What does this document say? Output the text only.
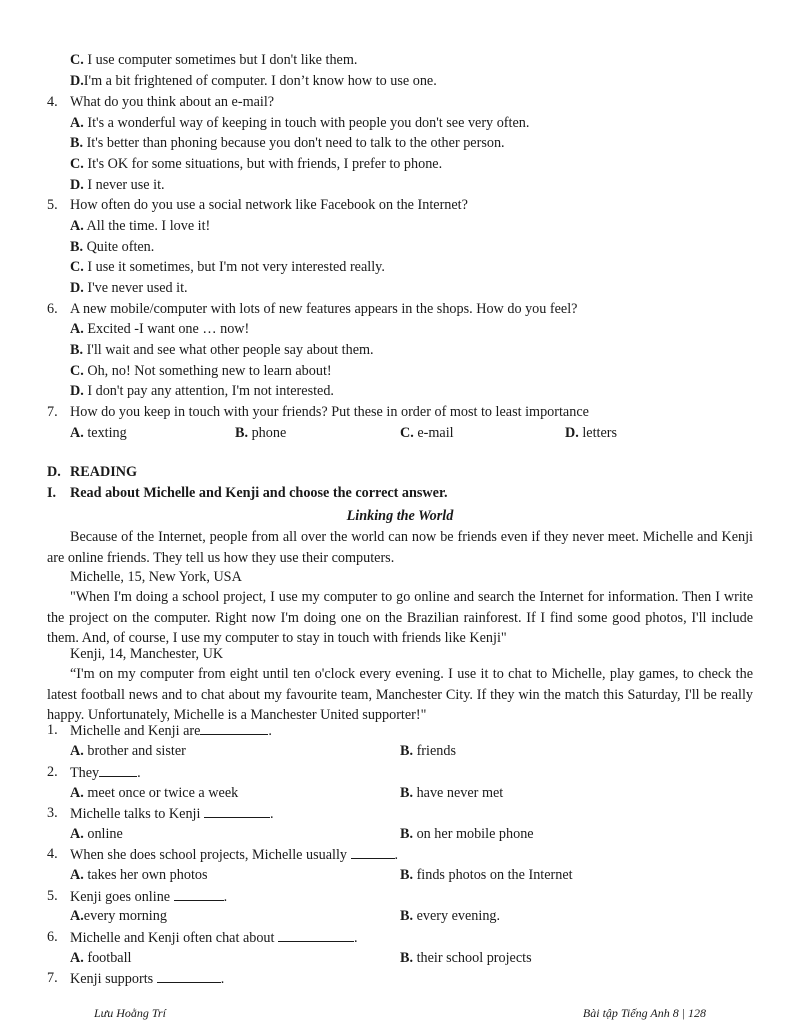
C. I use computer sometimes but I don't like them.
D.I'm a bit frightened of computer. I don’t know how to use one.
4. What do you think about an e-mail?
A. It's a wonderful way of keeping in touch with people you don't see very often.
B. It's better than phoning because you don't need to talk to the other person.
C. It's OK for some situations, but with friends, I prefer to phone.
D. I never use it.
5. How often do you use a social network like Facebook on the Internet?
A. All the time. I love it!
B. Quite often.
C. I use it sometimes, but I'm not very interested really.
D. I've never used it.
6. A new mobile/computer with lots of new features appears in the shops. How do you feel?
A. Excited -I want one … now!
B. I'll wait and see what other people say about them.
C. Oh, no! Not something new to learn about!
D. I don't pay any attention, I'm not interested.
7. How do you keep in touch with your friends? Put these in order of most to least importance
A. texting	B. phone	C. e-mail	D. letters
D. READING
I. Read about Michelle and Kenji and choose the correct answer.
Linking the World
Because of the Internet, people from all over the world can now be friends even if they never meet. Michelle and Kenji are online friends. They tell us how they use their computers.
Michelle, 15, New York, USA
"When I'm doing a school project, I use my computer to go online and search the Internet for information. Then I write the project on the computer. Right now I'm doing one on the Brazilian rainforest. If I find some good photos, I'll include them. And, of course, I use my computer to stay in touch with friends like Kenji"
Kenji, 14, Manchester, UK
“I'm on my computer from eight until ten o'clock every evening. I use it to chat to Michelle, play games, to check the latest football news and to chat about my favourite team, Manchester City. If they win the match this Saturday, I'll be really happy. Unfortunately, Michelle is a Manchester United supporter!"
1. Michelle and Kenji are	.
A. brother and sister	B. friends
2. They	.
A. meet once or twice a week	B. have never met
3. Michelle talks to Kenji	.
A. online	B. on her mobile phone
4. When she does school projects, Michelle usually	.
A. takes her own photos	B. finds photos on the Internet
5. Kenji goes online	.
A.every morning	B. every evening.
6. Michelle and Kenji often chat about	.
A. football	B. their school projects
7. Kenji supports	.
Lưu Hoằng Trí	Bài tập Tiếng Anh 8 | 128
